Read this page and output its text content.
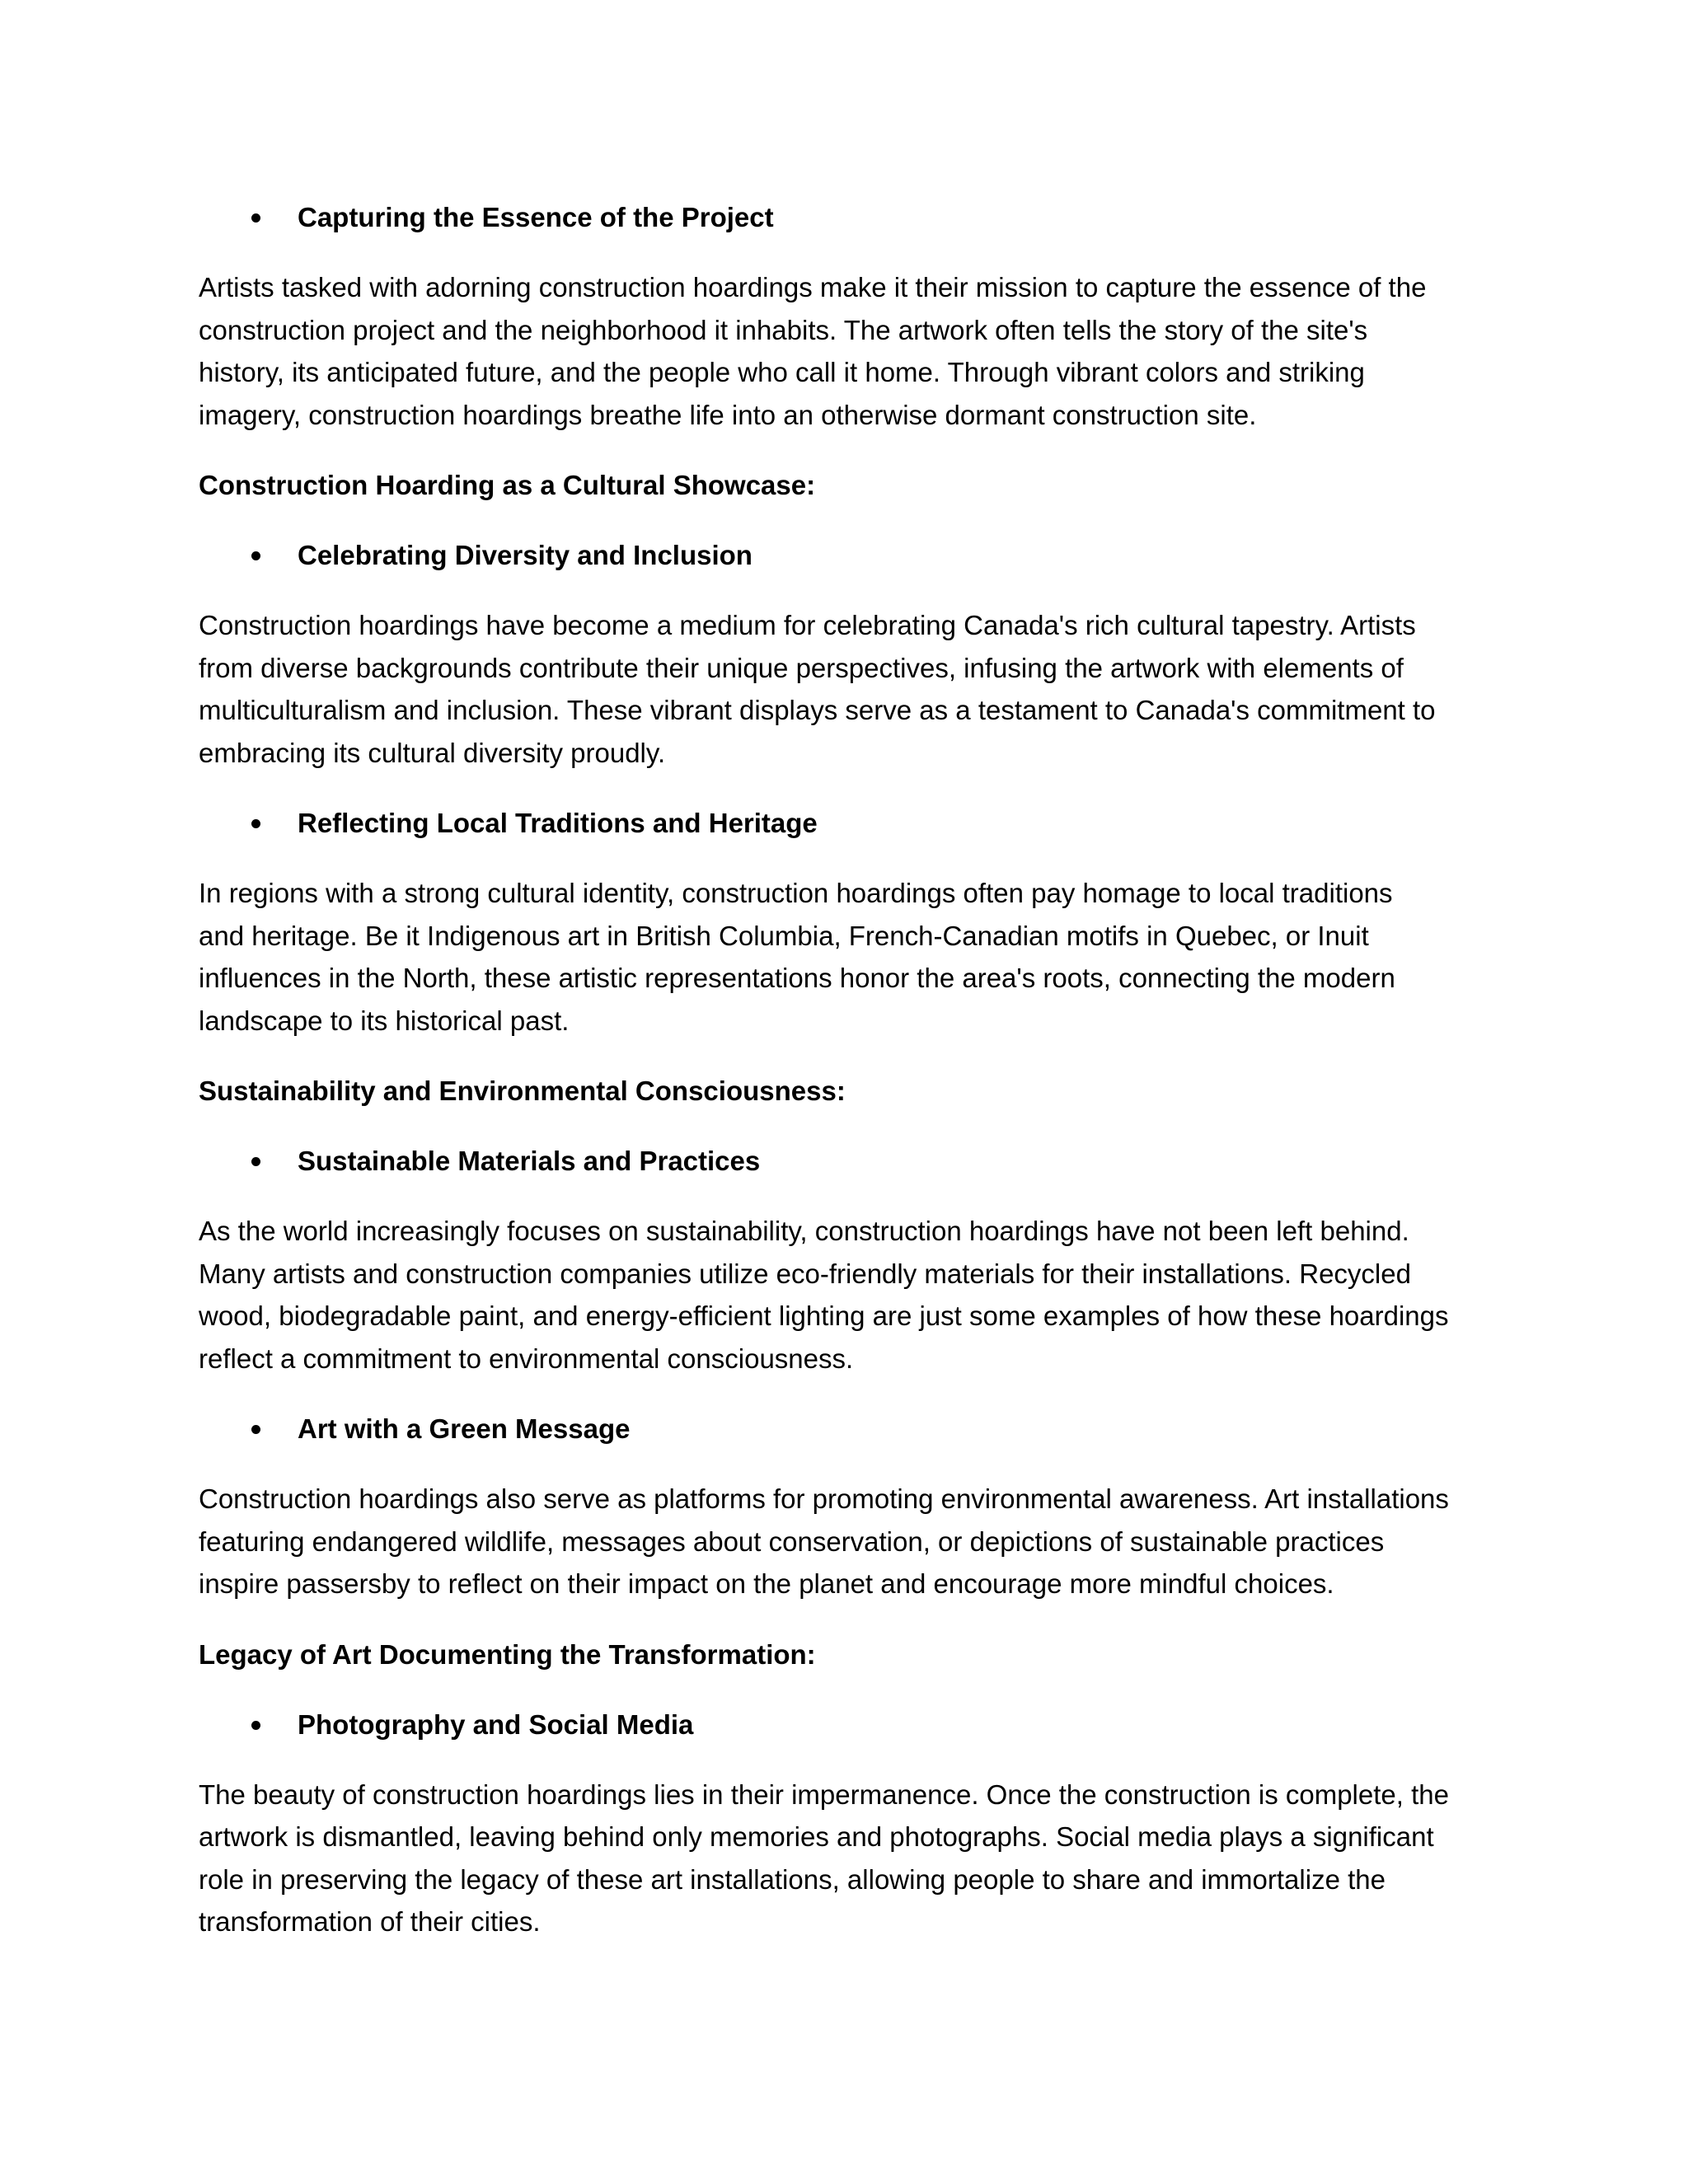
Capturing the Essence of the Project
Artists tasked with adorning construction hoardings make it their mission to capture the essence of the
construction project and the neighborhood it inhabits. The artwork often tells the story of the site's
history, its anticipated future, and the people who call it home. Through vibrant colors and striking
imagery, construction hoardings breathe life into an otherwise dormant construction site.
Construction Hoarding as a Cultural Showcase:
Celebrating Diversity and Inclusion
Construction hoardings have become a medium for celebrating Canada's rich cultural tapestry. Artists
from diverse backgrounds contribute their unique perspectives, infusing the artwork with elements of
multiculturalism and inclusion. These vibrant displays serve as a testament to Canada's commitment to
embracing its cultural diversity proudly.
Reflecting Local Traditions and Heritage
In regions with a strong cultural identity, construction hoardings often pay homage to local traditions
and heritage. Be it Indigenous art in British Columbia, French-Canadian motifs in Quebec, or Inuit
influences in the North, these artistic representations honor the area's roots, connecting the modern
landscape to its historical past.
Sustainability and Environmental Consciousness:
Sustainable Materials and Practices
As the world increasingly focuses on sustainability, construction hoardings have not been left behind.
Many artists and construction companies utilize eco-friendly materials for their installations. Recycled
wood, biodegradable paint, and energy-efficient lighting are just some examples of how these hoardings
reflect a commitment to environmental consciousness.
Art with a Green Message
Construction hoardings also serve as platforms for promoting environmental awareness. Art installations
featuring endangered wildlife, messages about conservation, or depictions of sustainable practices
inspire passersby to reflect on their impact on the planet and encourage more mindful choices.
Legacy of Art Documenting the Transformation:
Photography and Social Media
The beauty of construction hoardings lies in their impermanence. Once the construction is complete, the
artwork is dismantled, leaving behind only memories and photographs. Social media plays a significant
role in preserving the legacy of these art installations, allowing people to share and immortalize the
transformation of their cities.
